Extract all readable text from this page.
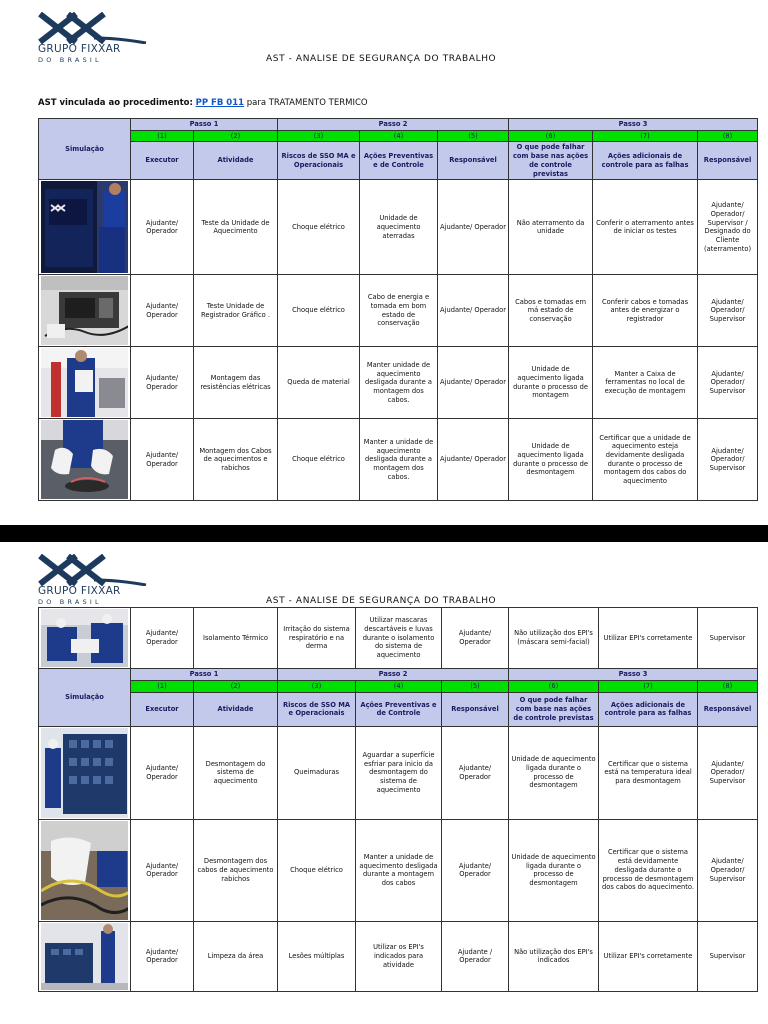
GRUPO FIXXAR
DO BRASIL	AST - ANALISE DE SEGURANÇA DO TRABALHO
AST vinculada ao procedimento: PP FB 011 para TRATAMENTO TERMICO
Simulação	Passo 1		Passo 2			Passo 3		
	(1)	(2)	(3)	(4)	(5)	(6)	(7)	(8)
	Executor	Atividade	Riscos de SSO MA e Operacionais	Ações Preventivas e de Controle	Responsável	O que pode falhar com base nas ações de controle previstas	Ações adicionais de controle para as falhas	Responsável

	Ajudante/ Operador	Teste da Unidade de Aquecimento	Choque elétrico	Unidade de aquecimento aterradas	Ajudante/ Operador	Não aterramento da unidade	Conferir o aterramento antes de iniciar os testes	Ajudante/ Operador/ Supervisor / Designado do Cliente (aterramento)

	Ajudante/ Operador	Teste Unidade de Registrador Gráfico .	Choque elétrico	Cabo de energia e tomada em bom estado de conservação	Ajudante/ Operador	Cabos e tomadas em má estado de conservação	Conferir cabos e tomadas antes de energizar o registrador	Ajudante/ Operador/ Supervisor

	Ajudante/ Operador	Montagem das resistências elétricas	Queda de material	Manter unidade de aquecimento desligada durante a montagem dos cabos.	Ajudante/ Operador	Unidade de aquecimento ligada durante o processo de montagem	Manter a Caixa de ferramentas no local de execução de montagem	Ajudante/ Operador/ Supervisor

	Ajudante/ Operador	Montagem dos Cabos de aquecimentos e rabichos	Choque elétrico	Manter a unidade de aquecimento desligada durante a montagem dos cabos.	Ajudante/ Operador	Unidade de aquecimento ligada durante o processo de desmontagem	Certificar que a unidade de aquecimento esteja devidamente desligada durante o processo de montagem dos cabos do aquecimento	Ajudante/ Operador/ Supervisor
GRUPO FIXXAR
DO BRASIL	AST - ANALISE DE SEGURANÇA DO TRABALHO
	Ajudante/ Operador	Isolamento Térmico	Irritação do sistema respiratório e na derma	Utilizar mascaras descartáveis e luvas durante o isolamento do sistema de aquecimento	Ajudante/ Operador	Não utilização dos EPI's (máscara semi-facial)	Utilizar EPI's corretamente	Supervisor
Simulação	Passo 1		Passo 2			Passo 3		
	(1)	(2)	(3)	(4)	(5)	(6)	(7)	(8)
	Executor	Atividade	Riscos de SSO MA e Operacionais	Ações Preventivas e de Controle	Responsável	O que pode falhar com base nas ações de controle previstas	Ações adicionais de controle para as falhas	Responsável

	Ajudante/ Operador	Desmontagem do sistema de aquecimento	Queimaduras	Aguardar a superfície esfriar para inicio da desmontagem do sistema de aquecimento	Ajudante/ Operador	Unidade de aquecimento ligada durante o processo de desmontagem	Certificar que o sistema está na temperatura ideal para desmontagem	Ajudante/ Operador/ Supervisor

	Ajudante/ Operador	Desmontagem dos cabos de aquecimento rabichos	Choque elétrico	Manter a unidade de aquecimento desligada durante a montagem dos cabos	Ajudante/ Operador	Unidade de aquecimento ligada durante o processo de desmontagem	Certificar que o sistema está devidamente desligada durante o processo de desmontagem dos cabos do aquecimento.	Ajudante/ Operador/ Supervisor

	Ajudante/ Operador	Limpeza da área	Lesões múltiplas	Utilizar os EPI's indicados para atividade	Ajudante / Operador	Não utilização dos EPI's indicados	Utilizar EPI's corretamente	Supervisor
